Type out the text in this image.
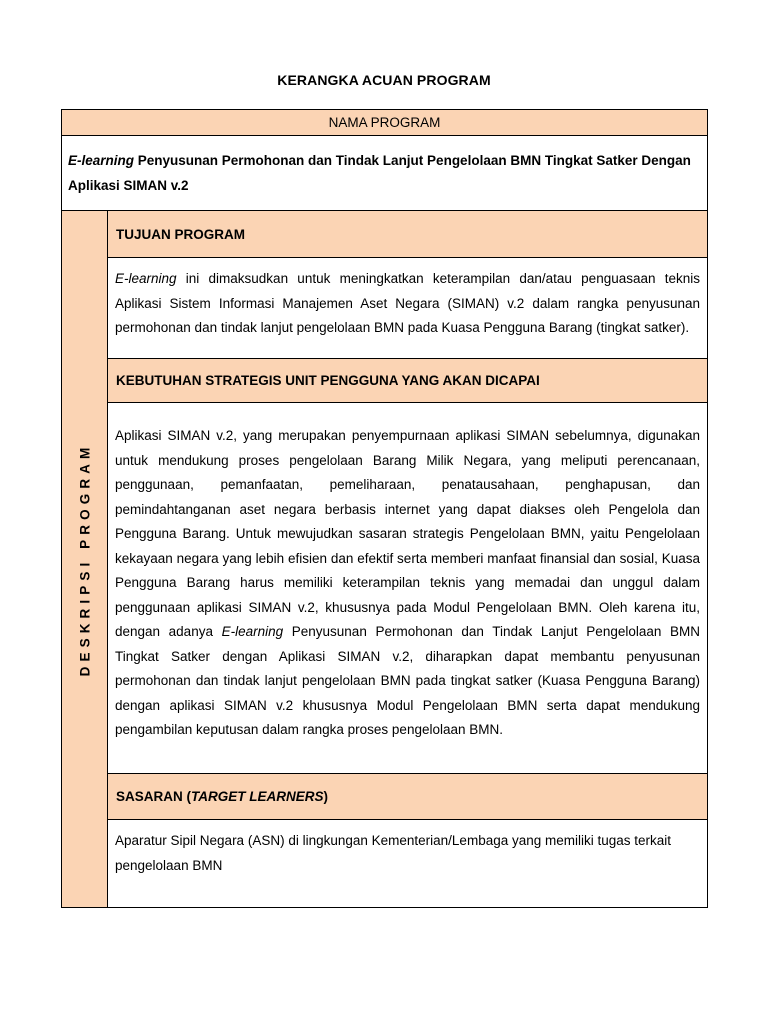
KERANGKA ACUAN PROGRAM
NAMA PROGRAM
E-learning Penyusunan Permohonan dan Tindak Lanjut Pengelolaan BMN Tingkat Satker Dengan Aplikasi SIMAN v.2
DESKRIPSI PROGRAM
TUJUAN PROGRAM
E-learning ini dimaksudkan untuk meningkatkan keterampilan dan/atau penguasaan teknis Aplikasi Sistem Informasi Manajemen Aset Negara (SIMAN) v.2 dalam rangka penyusunan permohonan dan tindak lanjut pengelolaan BMN pada Kuasa Pengguna Barang (tingkat satker).
KEBUTUHAN STRATEGIS UNIT PENGGUNA YANG AKAN DICAPAI
Aplikasi SIMAN v.2, yang merupakan penyempurnaan aplikasi SIMAN sebelumnya, digunakan untuk mendukung proses pengelolaan Barang Milik Negara, yang meliputi perencanaan, penggunaan, pemanfaatan, pemeliharaan, penatausahaan, penghapusan, dan pemindahtanganan aset negara berbasis internet yang dapat diakses oleh Pengelola dan Pengguna Barang. Untuk mewujudkan sasaran strategis Pengelolaan BMN, yaitu Pengelolaan kekayaan negara yang lebih efisien dan efektif serta memberi manfaat finansial dan sosial, Kuasa Pengguna Barang harus memiliki keterampilan teknis yang memadai dan unggul dalam penggunaan aplikasi SIMAN v.2, khususnya pada Modul Pengelolaan BMN. Oleh karena itu, dengan adanya E-learning Penyusunan Permohonan dan Tindak Lanjut Pengelolaan BMN Tingkat Satker dengan Aplikasi SIMAN v.2, diharapkan dapat membantu penyusunan permohonan dan tindak lanjut pengelolaan BMN pada tingkat satker (Kuasa Pengguna Barang) dengan aplikasi SIMAN v.2 khususnya Modul Pengelolaan BMN serta dapat mendukung pengambilan keputusan dalam rangka proses pengelolaan BMN.
SASARAN ( TARGET LEARNERS )
Aparatur Sipil Negara (ASN) di lingkungan Kementerian/Lembaga yang memiliki tugas terkait pengelolaan BMN
